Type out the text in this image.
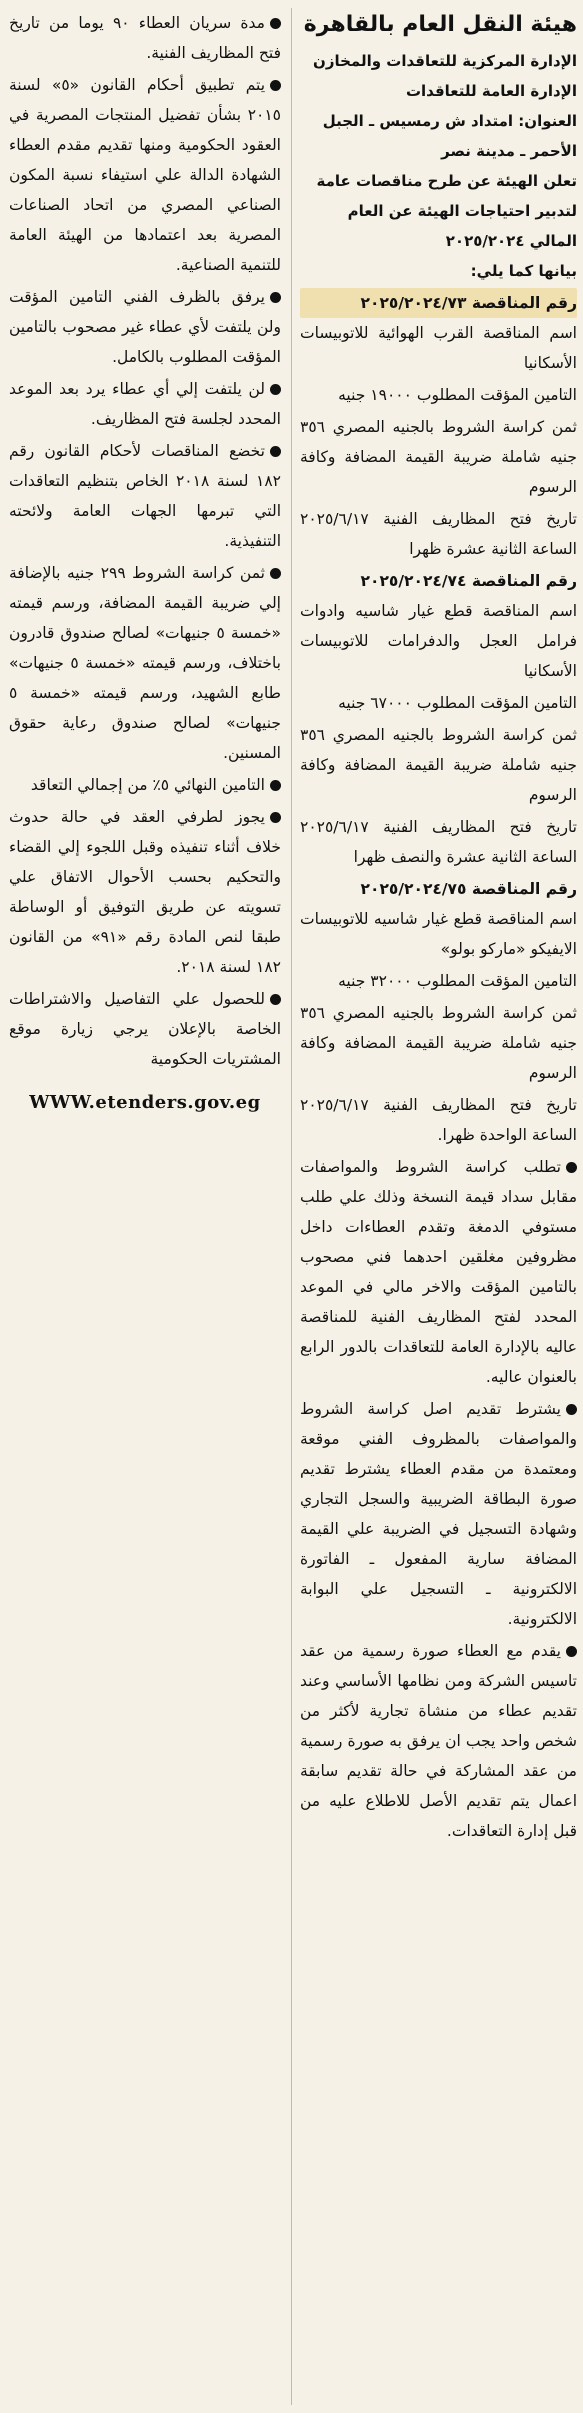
هيئة النقل العام بالقاهرة

الإدارة المركزية للتعاقدات والمخازن

الإدارة العامة للتعاقدات

العنوان: امتداد ش رمسيس ـ الجبل الأحمر ـ مدينة نصر

تعلن الهيئة عن طرح مناقصات عامة لتدبير احتياجات الهيئة عن العام المالي ٢٠٢٥/٢٠٢٤

بيانها كما يلي:

رقم المناقصة ٢٠٢٥/٢٠٢٤/٧٣

اسم المناقصة القرب الهوائية للاتوبيسات الأسكانيا

التامين المؤقت المطلوب ١٩٠٠٠ جنيه

ثمن كراسة الشروط بالجنيه المصري ٣٥٦ جنيه شاملة ضريبة القيمة المضافة وكافة الرسوم

تاريخ فتح المظاريف الفنية ٢٠٢٥/٦/١٧ الساعة الثانية عشرة ظهرا

رقم المناقصة ٢٠٢٥/٢٠٢٤/٧٤

اسم المناقصة قطع غيار شاسيه وادوات فرامل العجل والدفرامات للاتوبيسات الأسكانيا

التامين المؤقت المطلوب ٦٧٠٠٠ جنيه

ثمن كراسة الشروط بالجنيه المصري ٣٥٦ جنيه شاملة ضريبة القيمة المضافة وكافة الرسوم

تاريخ فتح المظاريف الفنية ٢٠٢٥/٦/١٧ الساعة الثانية عشرة والنصف ظهرا

رقم المناقصة ٢٠٢٥/٢٠٢٤/٧٥

اسم المناقصة قطع غيار شاسيه للاتوبيسات الايفيكو «ماركو بولو»

التامين المؤقت المطلوب ٣٢٠٠٠ جنيه

ثمن كراسة الشروط بالجنيه المصري ٣٥٦ جنيه شاملة ضريبة القيمة المضافة وكافة الرسوم

تاريخ فتح المظاريف الفنية ٢٠٢٥/٦/١٧ الساعة الواحدة ظهرا.

تطلب كراسة الشروط والمواصفات مقابل سداد قيمة النسخة وذلك علي طلب مستوفي الدمغة وتقدم العطاءات داخل مظروفين مغلقين احدهما فني مصحوب بالتامين المؤقت والاخر مالي في الموعد المحدد لفتح المظاريف الفنية للمناقصة عاليه بالإدارة العامة للتعاقدات بالدور الرابع بالعنوان عاليه.

يشترط تقديم اصل كراسة الشروط والمواصفات بالمظروف الفني موقعة ومعتمدة من مقدم العطاء يشترط تقديم صورة البطاقة الضريبية والسجل التجاري وشهادة التسجيل في الضريبة علي القيمة المضافة سارية المفعول ـ الفاتورة الالكترونية ـ التسجيل علي البوابة الالكترونية.

يقدم مع العطاء صورة رسمية من عقد تاسيس الشركة ومن نظامها الأساسي وعند تقديم عطاء من منشاة تجارية لأكثر من شخص واحد يجب ان يرفق به صورة رسمية من عقد المشاركة في حالة تقديم سابقة اعمال يتم تقديم الأصل للاطلاع عليه من قبل إدارة التعاقدات.

مدة سريان العطاء ٩٠ يوما من تاريخ فتح المظاريف الفنية.

يتم تطبيق أحكام القانون «٥» لسنة ٢٠١٥ بشأن تفضيل المنتجات المصرية في العقود الحكومية ومنها تقديم مقدم العطاء الشهادة الدالة علي استيفاء نسبة المكون الصناعي المصري من اتحاد الصناعات المصرية بعد اعتمادها من الهيئة العامة للتنمية الصناعية.

يرفق بالظرف الفني التامين المؤقت ولن يلتفت لأي عطاء غير مصحوب بالتامين المؤقت المطلوب بالكامل.

لن يلتفت إلي أي عطاء يرد بعد الموعد المحدد لجلسة فتح المظاريف.

تخضع المناقصات لأحكام القانون رقم ١٨٢ لسنة ٢٠١٨ الخاص بتنظيم التعاقدات التي تبرمها الجهات العامة ولائحته التنفيذية.

ثمن كراسة الشروط ٢٩٩ جنيه بالإضافة إلي ضريبة القيمة المضافة، ورسم قيمته «خمسة ٥ جنيهات» لصالح صندوق قادرون باختلاف، ورسم قيمته «خمسة ٥ جنيهات» طابع الشهيد، ورسم قيمته «خمسة ٥ جنيهات» لصالح صندوق رعاية حقوق المسنين.

التامين النهائي ٥٪ من إجمالي التعاقد

يجوز لطرفي العقد في حالة حدوث خلاف أثناء تنفيذه وقبل اللجوء إلي القضاء والتحكيم بحسب الأحوال الاتفاق علي تسويته عن طريق التوفيق أو الوساطة طبقا لنص المادة رقم «٩١» من القانون ١٨٢ لسنة ٢٠١٨.

للحصول علي التفاصيل والاشتراطات الخاصة بالإعلان يرجي زيارة موقع المشتريات الحكومية

WWW.etenders.gov.eg
